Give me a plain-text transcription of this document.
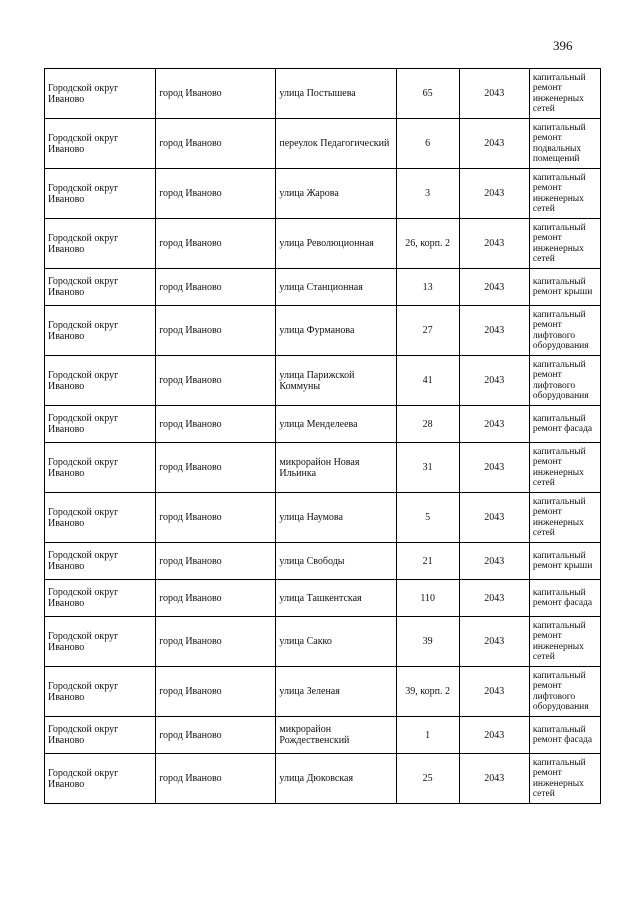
396
Городской округ Иваново	город Иваново	улица Постышева	65	2043	капитальный ремонт инженерных сетей
Городской округ Иваново	город Иваново	переулок Педагогический	6	2043	капитальный ремонт подвальных помещений
Городской округ Иваново	город Иваново	улица Жарова	3	2043	капитальный ремонт инженерных сетей
Городской округ Иваново	город Иваново	улица Революционная	26, корп. 2	2043	капитальный ремонт инженерных сетей
Городской округ Иваново	город Иваново	улица Станционная	13	2043	капитальный ремонт крыши
Городской округ Иваново	город Иваново	улица Фурманова	27	2043	капитальный ремонт лифтового оборудования
Городской округ Иваново	город Иваново	улица Парижской Коммуны	41	2043	капитальный ремонт лифтового оборудования
Городской округ Иваново	город Иваново	улица Менделеева	28	2043	капитальный ремонт фасада
Городской округ Иваново	город Иваново	микрорайон Новая Ильинка	31	2043	капитальный ремонт инженерных сетей
Городской округ Иваново	город Иваново	улица Наумова	5	2043	капитальный ремонт инженерных сетей
Городской округ Иваново	город Иваново	улица Свободы	21	2043	капитальный ремонт крыши
Городской округ Иваново	город Иваново	улица Ташкентская	110	2043	капитальный ремонт фасада
Городской округ Иваново	город Иваново	улица Сакко	39	2043	капитальный ремонт инженерных сетей
Городской округ Иваново	город Иваново	улица Зеленая	39, корп. 2	2043	капитальный ремонт лифтового оборудования
Городской округ Иваново	город Иваново	микрорайон Рождественский	1	2043	капитальный ремонт фасада
Городской округ Иваново	город Иваново	улица Дюковская	25	2043	капитальный ремонт инженерных сетей
